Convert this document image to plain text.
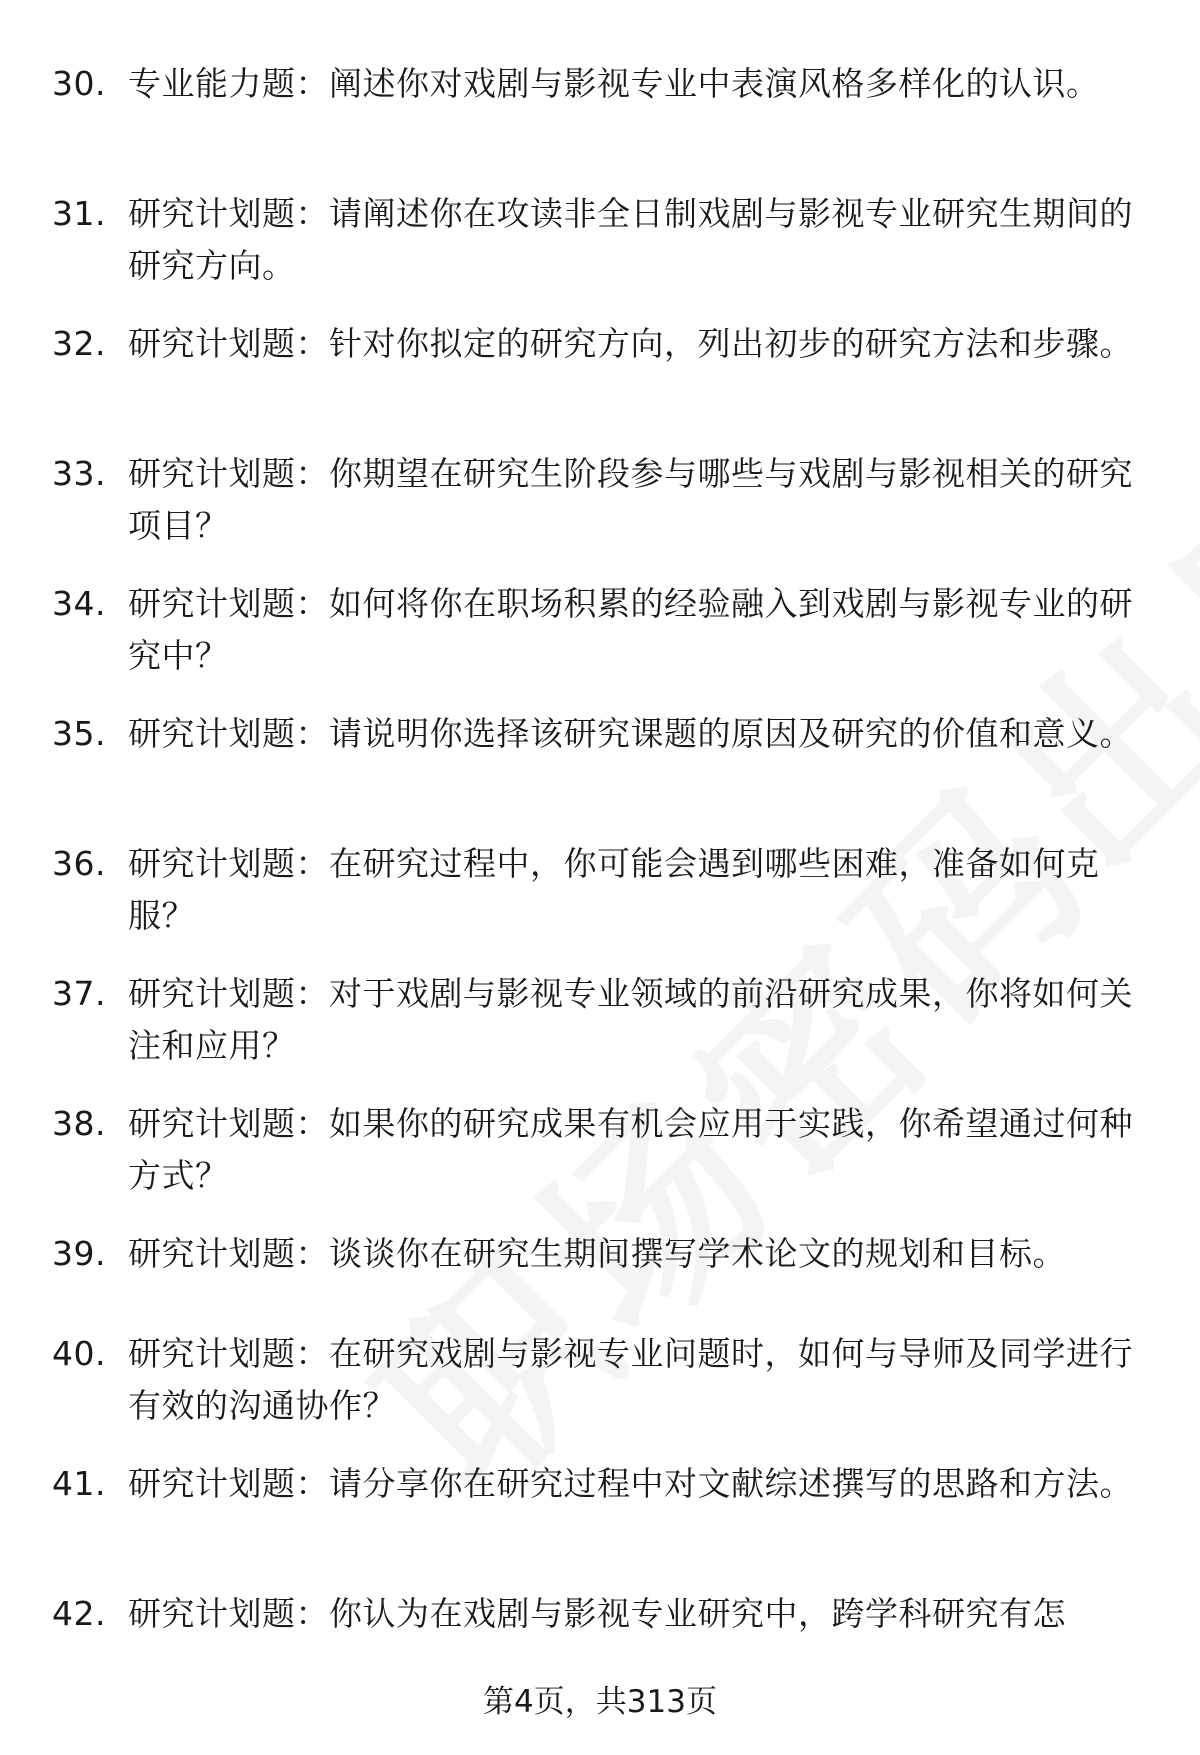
30. 专业能力题：阐述你对戏剧与影视专业中表演风格多样化的认识。
31. 研究计划题：请阐述你在攻读非全日制戏剧与影视专业研究生期间的研究方向。
32. 研究计划题：针对你拟定的研究方向，列出初步的研究方法和步骤。
33. 研究计划题：你期望在研究生阶段参与哪些与戏剧与影视相关的研究项目？
34. 研究计划题：如何将你在职场积累的经验融入到戏剧与影视专业的研究中？
35. 研究计划题：请说明你选择该研究课题的原因及研究的价值和意义。
36. 研究计划题：在研究过程中，你可能会遇到哪些困难，准备如何克服？
37. 研究计划题：对于戏剧与影视专业领域的前沿研究成果，你将如何关注和应用？
38. 研究计划题：如果你的研究成果有机会应用于实践，你希望通过何种方式？
39. 研究计划题：谈谈你在研究生期间撰写学术论文的规划和目标。
40. 研究计划题：在研究戏剧与影视专业问题时，如何与导师及同学进行有效的沟通协作？
41. 研究计划题：请分享你在研究过程中对文献综述撰写的思路和方法。
42. 研究计划题：你认为在戏剧与影视专业研究中，跨学科研究有怎
第4页，共313页
